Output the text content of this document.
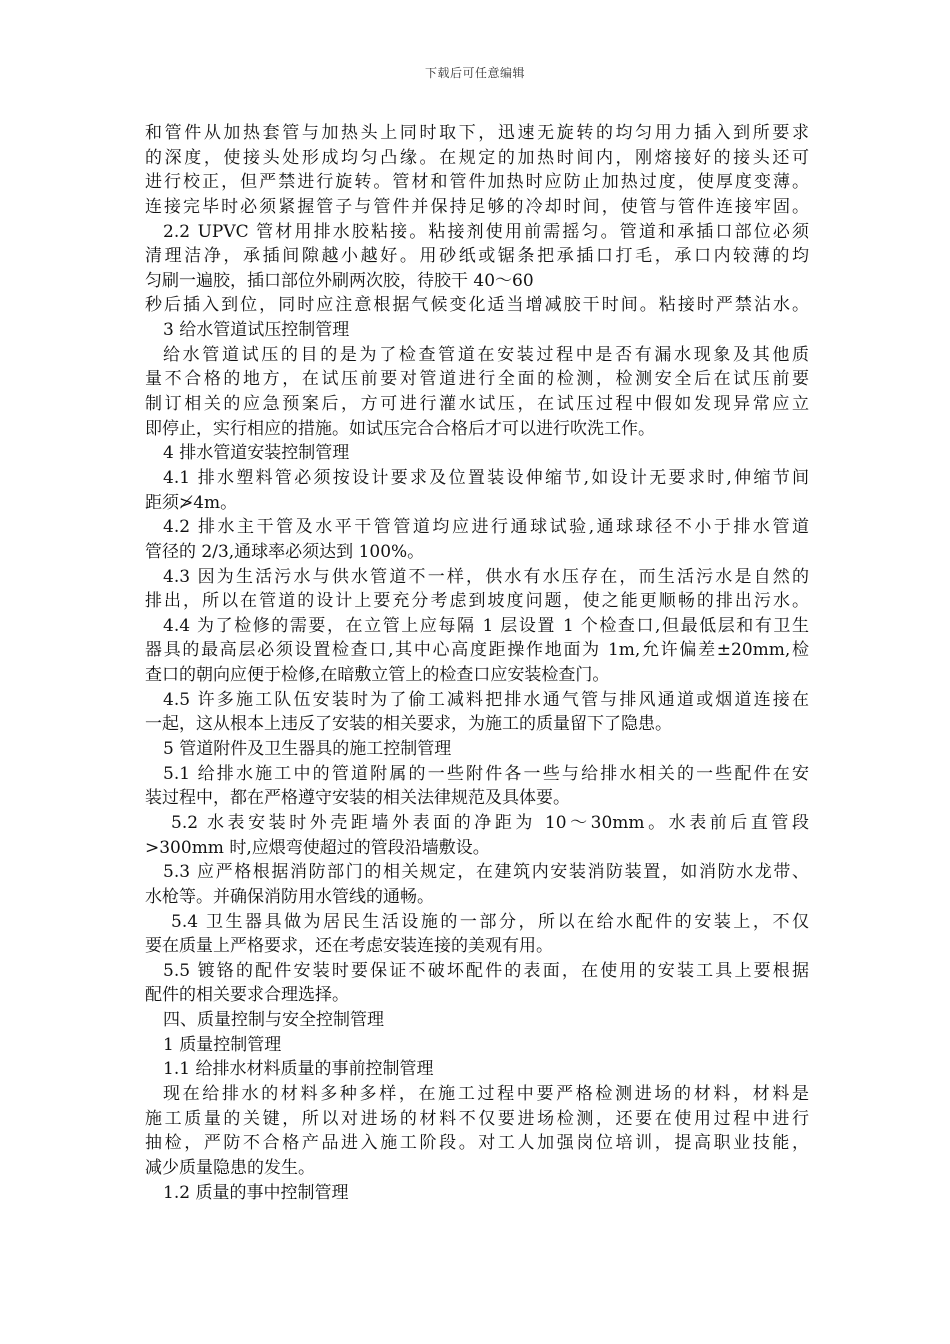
下载后可任意编辑
和管件从加热套管与加热头上同时取下，迅速无旋转的均匀用力插入到所要求
的深度，使接头处形成均匀凸缘。在规定的加热时间内，刚熔接好的接头还可
进行校正，但严禁进行旋转。管材和管件加热时应防止加热过度，使厚度变薄。
连接完毕时必须紧握管子与管件并保持足够的冷却时间，使管与管件连接牢固。
2.2 UPVC 管材用排水胶粘接。粘接剂使用前需摇匀。管道和承插口部位必须
清理洁净，承插间隙越小越好。用砂纸或锯条把承插口打毛，承口内较薄的均
匀刷一遍胶，插口部位外刷两次胶，待胶干 40～60
秒后插入到位，同时应注意根据气候变化适当增减胶干时间。粘接时严禁沾水。
3 给水管道试压控制管理
给水管道试压的目的是为了检查管道在安装过程中是否有漏水现象及其他质
量不合格的地方，在试压前要对管道进行全面的检测，检测安全后在试压前要
制订相关的应急预案后，方可进行灌水试压，在试压过程中假如发现异常应立
即停止，实行相应的措施。如试压完合合格后才可以进行吹洗工作。
4 排水管道安装控制管理
4.1 排水塑料管必须按设计要求及位置装设伸缩节,如设计无要求时,伸缩节间
距须≯4m。
4.2 排水主干管及水平干管管道均应进行通球试验,通球球径不小于排水管道
管径的 2/3,通球率必须达到 100%。
4.3 因为生活污水与供水管道不一样，供水有水压存在，而生活污水是自然的
排出，所以在管道的设计上要充分考虑到坡度问题，使之能更顺畅的排出污水。
4.4 为了检修的需要，在立管上应每隔 1 层设置 1 个检查口,但最低层和有卫生
器具的最高层必须设置检查口,其中心高度距操作地面为 1m,允许偏差±20mm,检
查口的朝向应便于检修,在暗敷立管上的检查口应安装检查门。
4.5 许多施工队伍安装时为了偷工减料把排水通气管与排风通道或烟道连接在
一起，这从根本上违反了安装的相关要求，为施工的质量留下了隐患。
5 管道附件及卫生器具的施工控制管理
5.1 给排水施工中的管道附属的一些附件各一些与给排水相关的一些配件在安
装过程中，都在严格遵守安装的相关法律规范及具体要。
5.2 水表安装时外壳距墙外表面的净距为 10～30mm。水表前后直管段
>300mm 时,应煨弯使超过的管段沿墙敷设。
5.3 应严格根据消防部门的相关规定，在建筑内安装消防装置，如消防水龙带、
水枪等。并确保消防用水管线的通畅。
5.4 卫生器具做为居民生活设施的一部分，所以在给水配件的安装上，不仅
要在质量上严格要求，还在考虑安装连接的美观有用。
5.5 镀铬的配件安装时要保证不破坏配件的表面，在使用的安装工具上要根据
配件的相关要求合理选择。
四、质量控制与安全控制管理
1 质量控制管理
1.1 给排水材料质量的事前控制管理
现在给排水的材料多种多样，在施工过程中要严格检测进场的材料，材料是
施工质量的关键，所以对进场的材料不仅要进场检测，还要在使用过程中进行
抽检，严防不合格产品进入施工阶段。对工人加强岗位培训，提高职业技能，
减少质量隐患的发生。
1.2 质量的事中控制管理
